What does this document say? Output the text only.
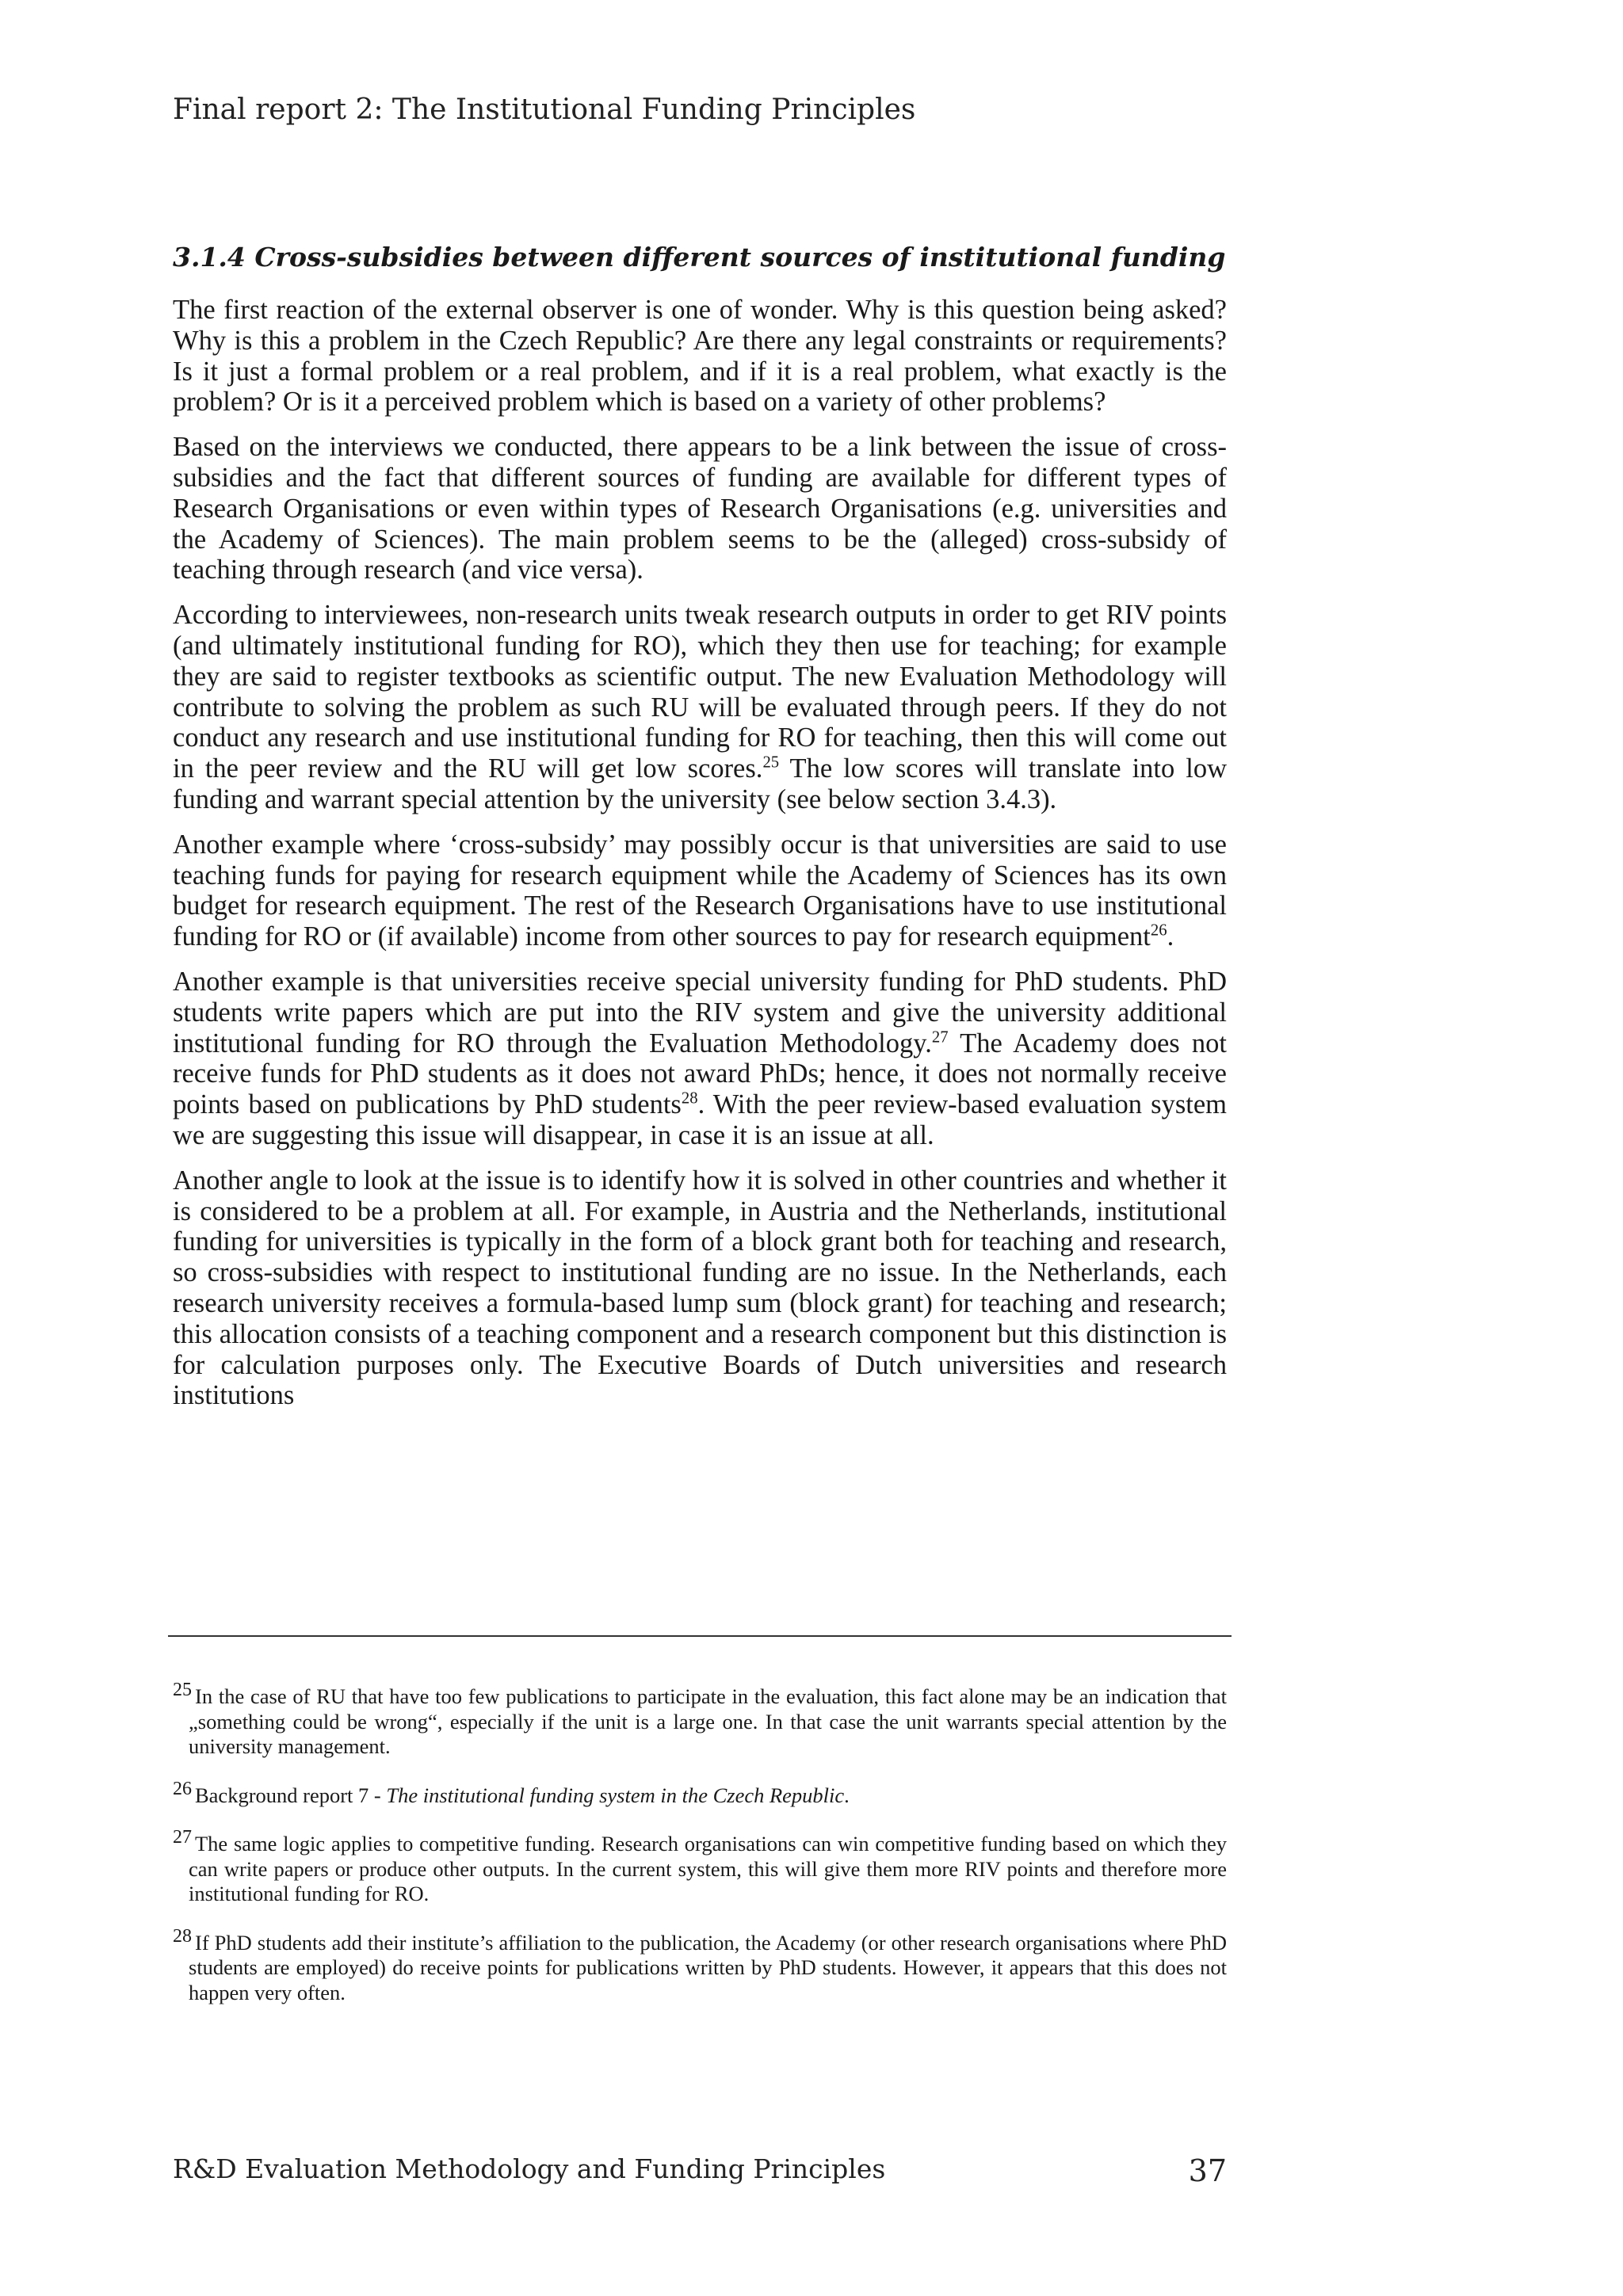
Final report 2: The Institutional Funding Principles
3.1.4 Cross-subsidies between different sources of institutional funding

The first reaction of the external observer is one of wonder. Why is this question being asked? Why is this a problem in the Czech Republic? Are there any legal constraints or requirements? Is it just a formal problem or a real problem, and if it is a real problem, what exactly is the problem? Or is it a perceived problem which is based on a variety of other problems?

Based on the interviews we conducted, there appears to be a link between the issue of cross-subsidies and the fact that different sources of funding are available for different types of Research Organisations or even within types of Research Organisations (e.g. universities and the Academy of Sciences). The main problem seems to be the (alleged) cross-subsidy of teaching through research (and vice versa).

According to interviewees, non-research units tweak research outputs in order to get RIV points (and ultimately institutional funding for RO), which they then use for teaching; for example they are said to register textbooks as scientific output. The new Evaluation Methodology will contribute to solving the problem as such RU will be evaluated through peers. If they do not conduct any research and use institutional funding for RO for teaching, then this will come out in the peer review and the RU will get low scores.$^{25}$ The low scores will translate into low funding and warrant special attention by the university (see below section 3.4.3).

Another example where ‘cross-subsidy’ may possibly occur is that universities are said to use teaching funds for paying for research equipment while the Academy of Sciences has its own budget for research equipment. The rest of the Research Organisations have to use institutional funding for RO or (if available) income from other sources to pay for research equipment$^{26}$.

Another example is that universities receive special university funding for PhD students. PhD students write papers which are put into the RIV system and give the university additional institutional funding for RO through the Evaluation Methodology.$^{27}$ The Academy does not receive funds for PhD students as it does not award PhDs; hence, it does not normally receive points based on publications by PhD students$^{28}$. With the peer review-based evaluation system we are suggesting this issue will disappear, in case it is an issue at all.

Another angle to look at the issue is to identify how it is solved in other countries and whether it is considered to be a problem at all. For example, in Austria and the Netherlands, institutional funding for universities is typically in the form of a block grant both for teaching and research, so cross-subsidies with respect to institutional funding are no issue. In the Netherlands, each research university receives a formula-based lump sum (block grant) for teaching and research; this allocation consists of a teaching component and a research component but this distinction is for calculation purposes only. The Executive Boards of Dutch universities and research institutions

25 In the case of RU that have too few publications to participate in the evaluation, this fact alone may be an indication that „something could be wrong“, especially if the unit is a large one. In that case the unit warrants special attention by the university management.

26 Background report 7 - The institutional funding system in the Czech Republic.

27 The same logic applies to competitive funding. Research organisations can win competitive funding based on which they can write papers or produce other outputs. In the current system, this will give them more RIV points and therefore more institutional funding for RO.

28 If PhD students add their institute’s affiliation to the publication, the Academy (or other research organisations where PhD students are employed) do receive points for publications written by PhD students. However, it appears that this does not happen very often.

R&D Evaluation Methodology and Funding Principles	37
